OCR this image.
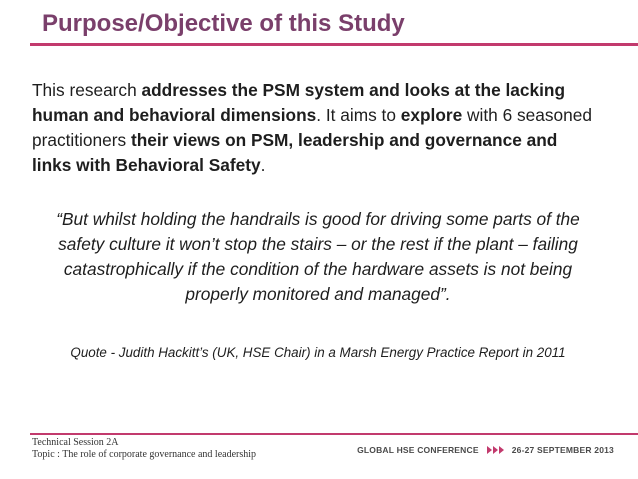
Purpose/Objective of this Study
This research addresses the PSM system and looks at the lacking human and behavioral dimensions. It aims to explore with 6 seasoned practitioners their views on PSM, leadership and governance and links with Behavioral Safety.
“But whilst holding the handrails is good for driving some parts of the safety culture it won’t stop the stairs – or the rest if the plant – failing catastrophically if the condition of the hardware assets is not being properly monitored and managed”.
Quote - Judith Hackitt’s (UK, HSE Chair) in a Marsh Energy Practice Report in 2011
Technical Session 2A
Topic : The role of corporate governance and leadership	GLOBAL HSE CONFERENCE	26-27 SEPTEMBER 2013
